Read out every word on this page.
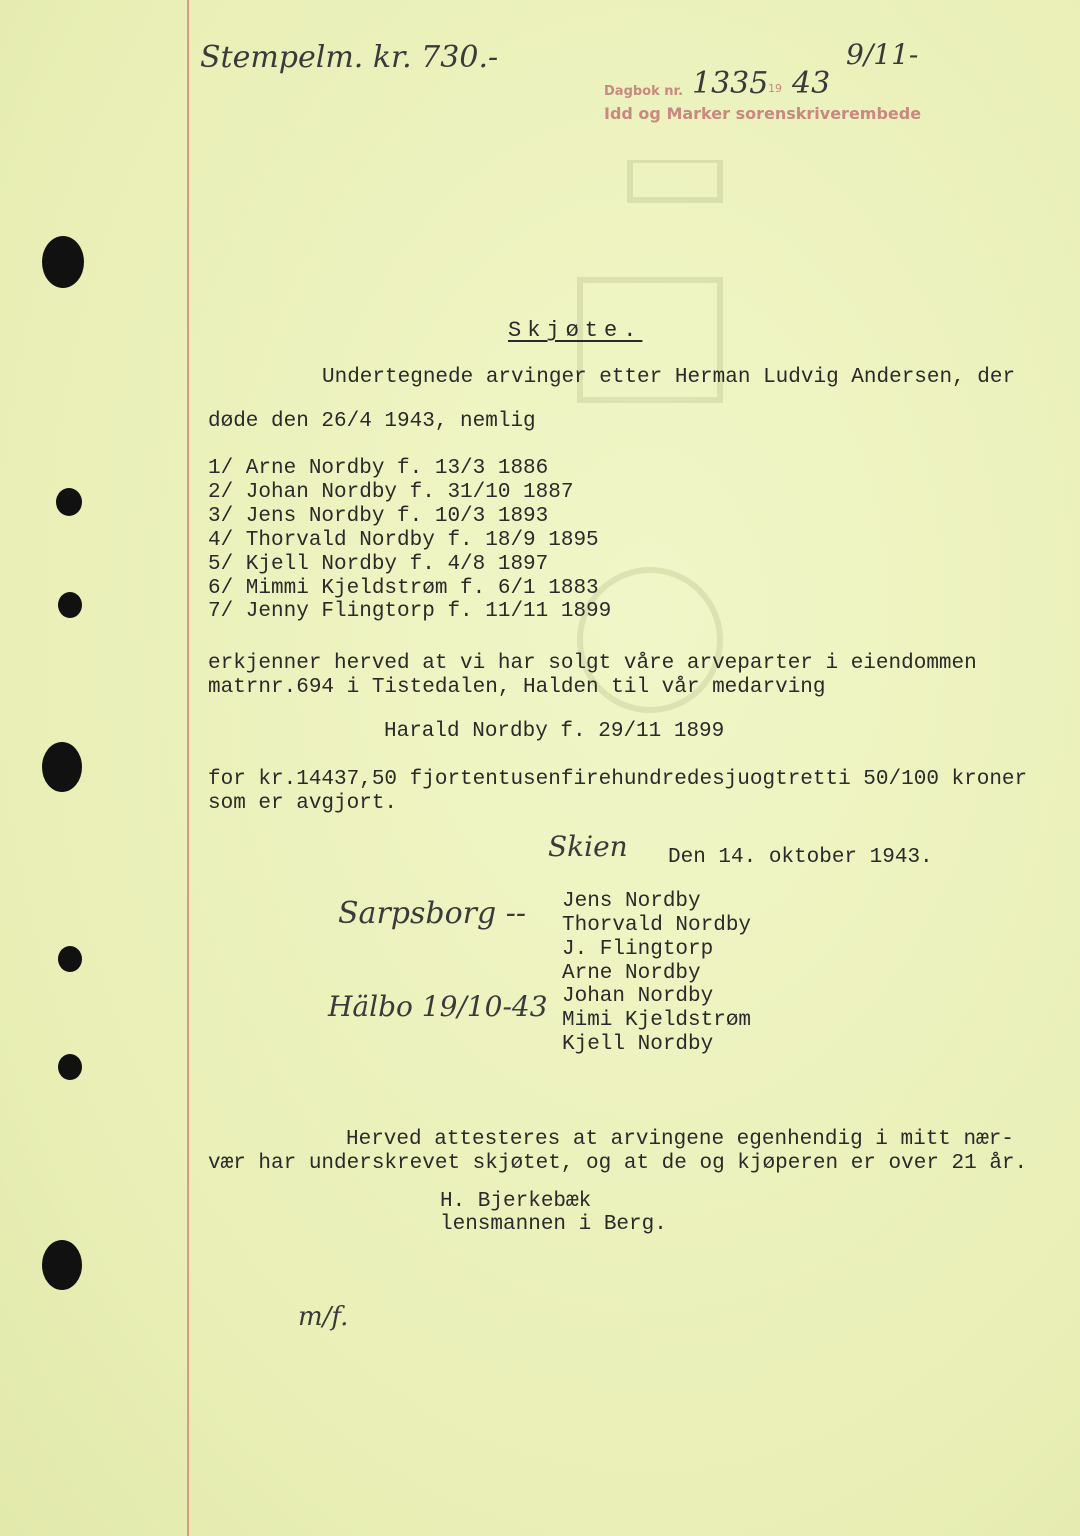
Stempelm. kr. 730.-
Dagbok nr. 1335 19 43
9/11-
Idd og Marker sorenskriverembede
Skjøte.
Undertegnede arvinger etter Herman Ludvig Andersen, der
døde den 26/4 1943, nemlig
1/ Arne Nordby f. 13/3 1886
2/ Johan Nordby f. 31/10 1887
3/ Jens Nordby f. 10/3 1893
4/ Thorvald Nordby f. 18/9 1895
5/ Kjell Nordby f. 4/8 1897
6/ Mimmi Kjeldstrøm f. 6/1 1883
7/ Jenny Flingtorp f. 11/11 1899
erkjenner herved at vi har solgt våre arveparter i eiendommen
matrnr.694 i Tistedalen, Halden til vår medarving
Harald Nordby f. 29/11 1899
for kr.14437,50 fjortentusenfirehundredesjuogtretti 50/100 kroner
som er avgjort.
Skien Den 14. oktober 1943.
Sarpsborg --
Hälbo 19/10-43
Jens Nordby
Thorvald Nordby
J. Flingtorp
Arne Nordby
Johan Nordby
Mimi Kjeldstrøm
Kjell Nordby
Herved attesteres at arvingene egenhendig i mitt nær-
vær har underskrevet skjøtet, og at de og kjøperen er over 21 år.
H. Bjerkebæk
lensmannen i Berg.
m/f.
